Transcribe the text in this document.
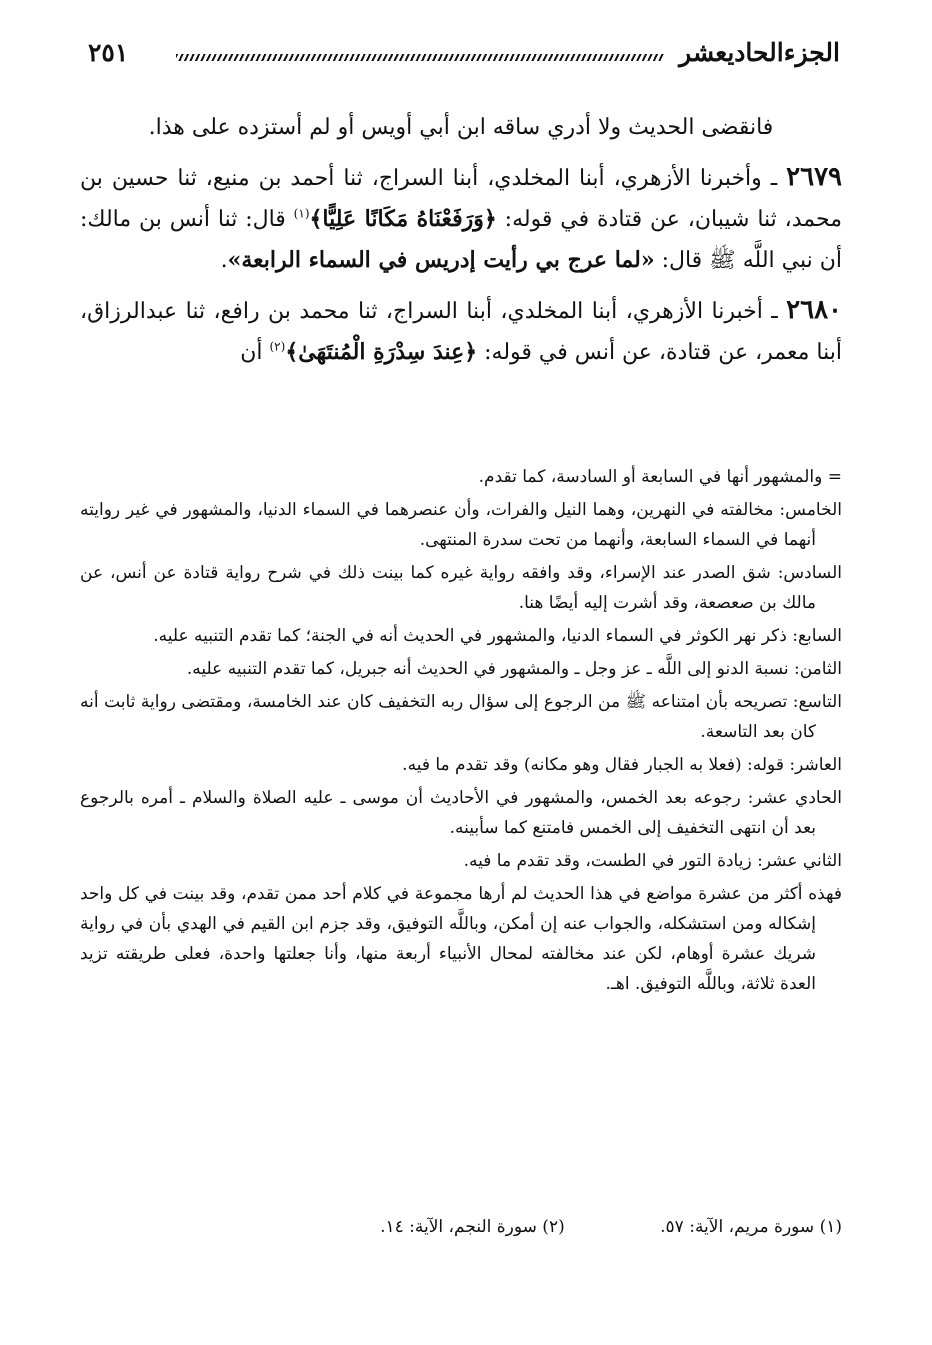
الجزءالحاديعشر
٢٥١

فانقضى الحديث ولا أدري ساقه ابن أبي أويس أو لم أستزده على هذا.

٢٦٧٩ ـ وأخبرنا الأزهري، أبنا المخلدي، أبنا السراج، ثنا أحمد بن منيع، ثنا حسين بن محمد، ثنا شيبان، عن قتادة في قوله: ﴿وَرَفَعْنَاهُ مَكَانًا عَلِيًّا﴾$^{(١)}$ قال: ثنا أنس بن مالك: أن نبي اللَّه ﷺ قال: «لما عرج بي رأيت إدريس في السماء الرابعة».

٢٦٨٠ ـ أخبرنا الأزهري، أبنا المخلدي، أبنا السراج، ثنا محمد بن رافع، ثنا عبدالرزاق، أبنا معمر، عن قتادة، عن أنس في قوله: ﴿عِندَ سِدْرَةِ الْمُنتَهَىٰ﴾$^{(٢)}$ أن

= والمشهور أنها في السابعة أو السادسة، كما تقدم.

الخامس: مخالفته في النهرين، وهما النيل والفرات، وأن عنصرهما في السماء الدنيا، والمشهور في غير روايته أنهما في السماء السابعة، وأنهما من تحت سدرة المنتهى.

السادس: شق الصدر عند الإسراء، وقد وافقه رواية غيره كما بينت ذلك في شرح رواية قتادة عن أنس، عن مالك بن صعصعة، وقد أشرت إليه أيضًا هنا.

السابع: ذكر نهر الكوثر في السماء الدنيا، والمشهور في الحديث أنه في الجنة؛ كما تقدم التنبيه عليه.

الثامن: نسبة الدنو إلى اللَّه ـ عز وجل ـ والمشهور في الحديث أنه جبريل، كما تقدم التنبيه عليه.

التاسع: تصريحه بأن امتناعه ﷺ من الرجوع إلى سؤال ربه التخفيف كان عند الخامسة، ومقتضى رواية ثابت أنه كان بعد التاسعة.

العاشر: قوله: (فعلا به الجبار فقال وهو مكانه) وقد تقدم ما فيه.

الحادي عشر: رجوعه بعد الخمس، والمشهور في الأحاديث أن موسى ـ عليه الصلاة والسلام ـ أمره بالرجوع بعد أن انتهى التخفيف إلى الخمس فامتنع كما سأبينه.

الثاني عشر: زيادة التور في الطست، وقد تقدم ما فيه.

فهذه أكثر من عشرة مواضع في هذا الحديث لم أرها مجموعة في كلام أحد ممن تقدم، وقد بينت في كل واحد إشكاله ومن استشكله، والجواب عنه إن أمكن، وباللَّه التوفيق، وقد جزم ابن القيم في الهدي بأن في رواية شريك عشرة أوهام، لكن عند مخالفته لمحال الأنبياء أربعة منها، وأنا جعلتها واحدة، فعلى طريقته تزيد العدة ثلاثة، وباللَّه التوفيق. اهـ.

(١) سورة مريم، الآية: ٥٧. (٢) سورة النجم، الآية: ١٤.
